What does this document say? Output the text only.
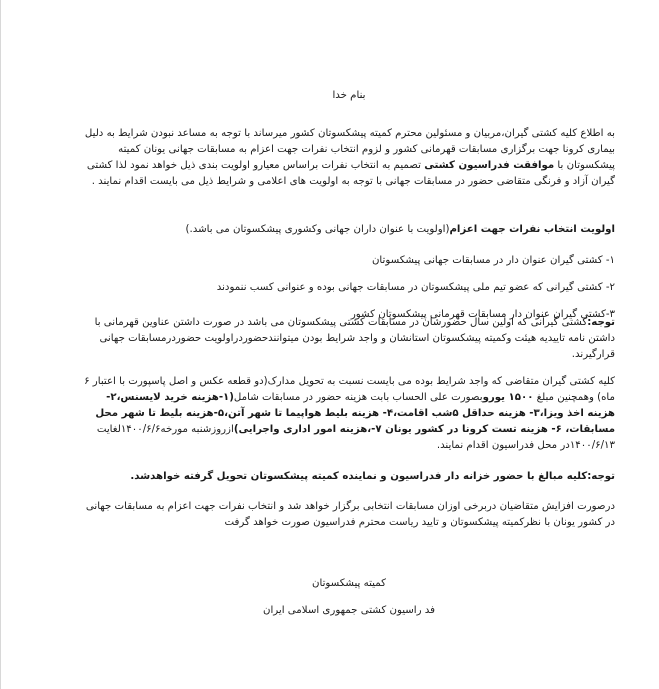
بنام خدا

به اطلاع کلیه کشتی گیران،مربیان و مسئولین محترم کمیته پیشکسوتان کشور میرساند با توجه به مساعد نبودن شرایط به دلیل بیماری کرونا جهت برگزاری مسابقات قهرمانی کشور و لزوم انتخاب نفرات جهت اعزام به مسابقات جهانی یونان کمیته پیشکسوتان با موافقت فدراسیون کشتی تصمیم به انتخاب نفرات براساس معیارو اولویت بندی ذیل خواهد نمود لذا کشتی گیران آزاد و فرنگی متقاضی حضور در مسابقات جهانی با توجه به اولویت های اعلامی و شرایط ذیل می بایست اقدام نمایند .

اولویت انتخاب نفرات جهت اعزام(اولویت با عنوان داران جهانی وکشوری پیشکسوتان می باشد.)

۱- کشتی گیران عنوان دار در مسابقات جهانی پیشکسوتان
۲- کشتی گیرانی که عضو تیم ملی پیشکسوتان در مسابقات جهانی بوده و عنوانی کسب ننمودند
۳-کشتی گیران عنوان دار مسابقات قهرمانی پیشکسوتان کشور

توجه:کشتی گیرانی که اولین سال حضورشان در مسابقات کشتی پیشکسوتان می باشد در صورت داشتن عناوین قهرمانی با داشتن نامه تاییدیه هیئت وکمیته پیشکسوتان استانشان و واجد شرایط بودن میتوانندحضوردراولویت حضوردرمسابقات جهانی قرارگیرند.

کلیه کشتی گیران متقاضی که واجد شرایط بوده می بایست نسبت به تحویل مدارک(دو قطعه عکس و اصل پاسپورت با اعتبار ۶ ماه) وهمچنین مبلغ ۱۵۰۰ یوروبصورت علی الحساب بابت هزینه حضور در مسابقات شامل(۱-هزینه خرید لایسنس،۲- هزینه اخذ ویزا،۳- هزینه حداقل ۵شب اقامت،۴- هزینه بلیط هواپیما تا شهر آتن،۵-هزینه بلیط تا شهر محل مسابقات، ۶- هزینه تست کرونا در کشور یونان ۷-،هزینه امور اداری واجرایی)ازروزشنبه مورخه۱۴۰۰/۶/۶لغایت ۱۴۰۰/۶/۱۳در محل فدراسیون اقدام نمایند.

توجه:کلیه مبالغ با حضور خزانه دار فدراسیون و نماینده کمیته پیشکسوتان تحویل گرفته خواهدشد.

درصورت افزایش متقاضیان دربرخی اوزان مسابقات انتخابی برگزار خواهد شد و انتخاب نفرات جهت اعزام به مسابقات جهانی در کشور یونان با نظرکمیته پیشکسوتان و تایید ریاست محترم فدراسیون صورت خواهد گرفت

کمیته پیشکسوتان
فد راسیون کشتی جمهوری اسلامی ایران
